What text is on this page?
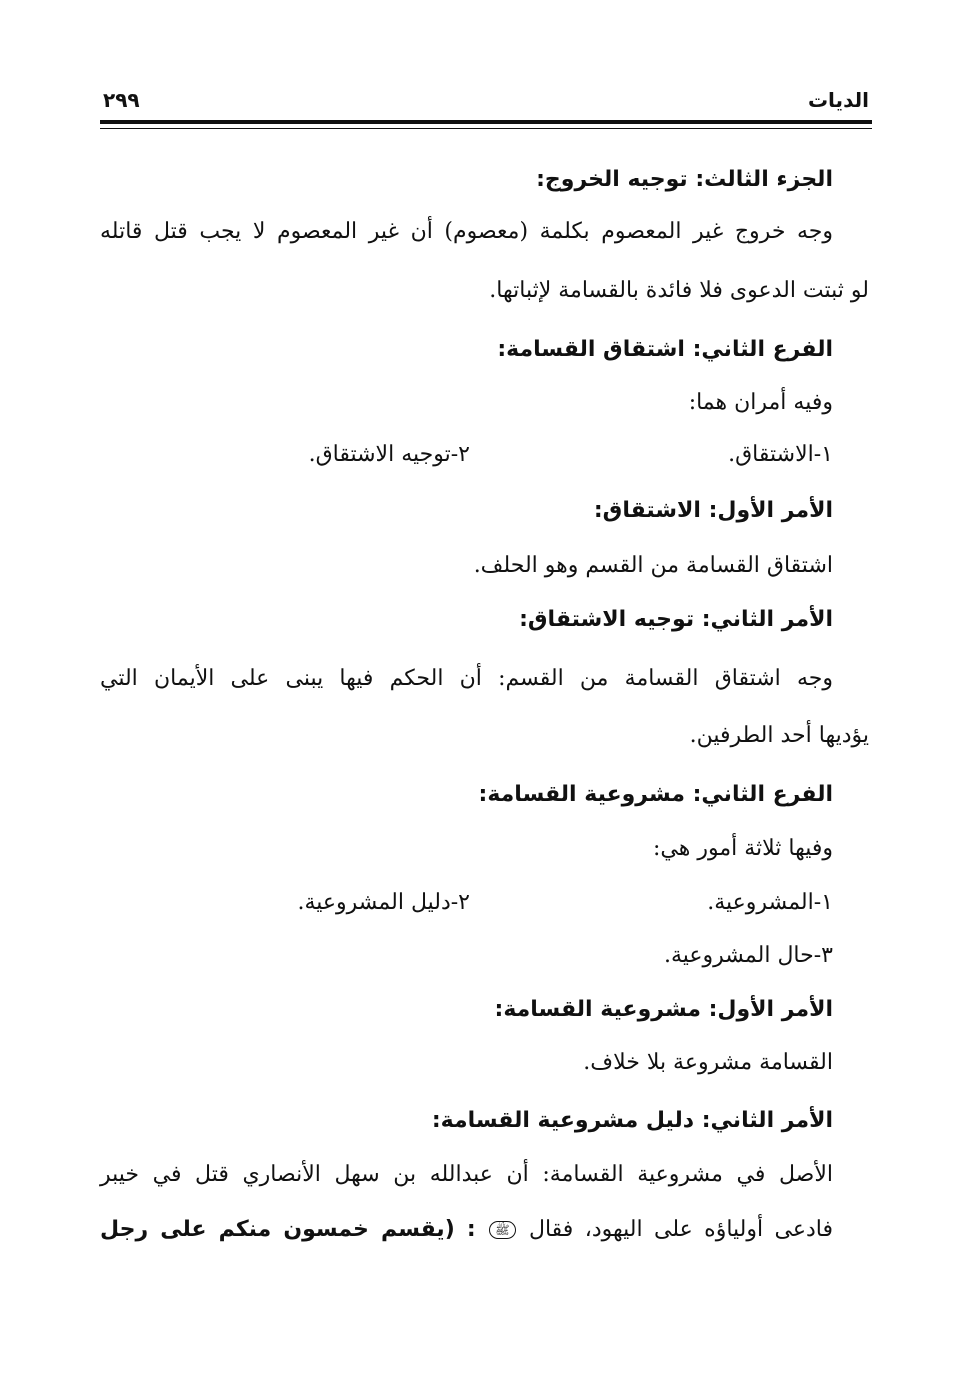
الديات
٢٩٩
الجزء الثالث: توجيه الخروج:
وجه خروج غير المعصوم بكلمة (معصوم) أن غير المعصوم لا يجب قتل قاتله
لو ثبتت الدعوى فلا فائدة بالقسامة لإثباتها.
الفرع الثاني: اشتقاق القسامة:
وفيه أمران هما:
١-الاشتقاق.
٢-توجيه الاشتقاق.
الأمر الأول: الاشتقاق:
اشتقاق القسامة من القسم وهو الحلف.
الأمر الثاني: توجيه الاشتقاق:
وجه اشتقاق القسامة من القسم: أن الحكم فيها يبنى على الأيمان التي
يؤديها أحد الطرفين.
الفرع الثاني: مشروعية القسامة:
وفيها ثلاثة أمور هي:
١-المشروعية.
٢-دليل المشروعية.
٣-حال المشروعية.
الأمر الأول: مشروعية القسامة:
القسامة مشروعة بلا خلاف.
الأمر الثاني: دليل مشروعية القسامة:
الأصل في مشروعية القسامة: أن عبدالله بن سهل الأنصاري قتل في خيبر
فادعى أولياؤه على اليهود، فقال ﷺ : (يقسم خمسون منكم على رجل
